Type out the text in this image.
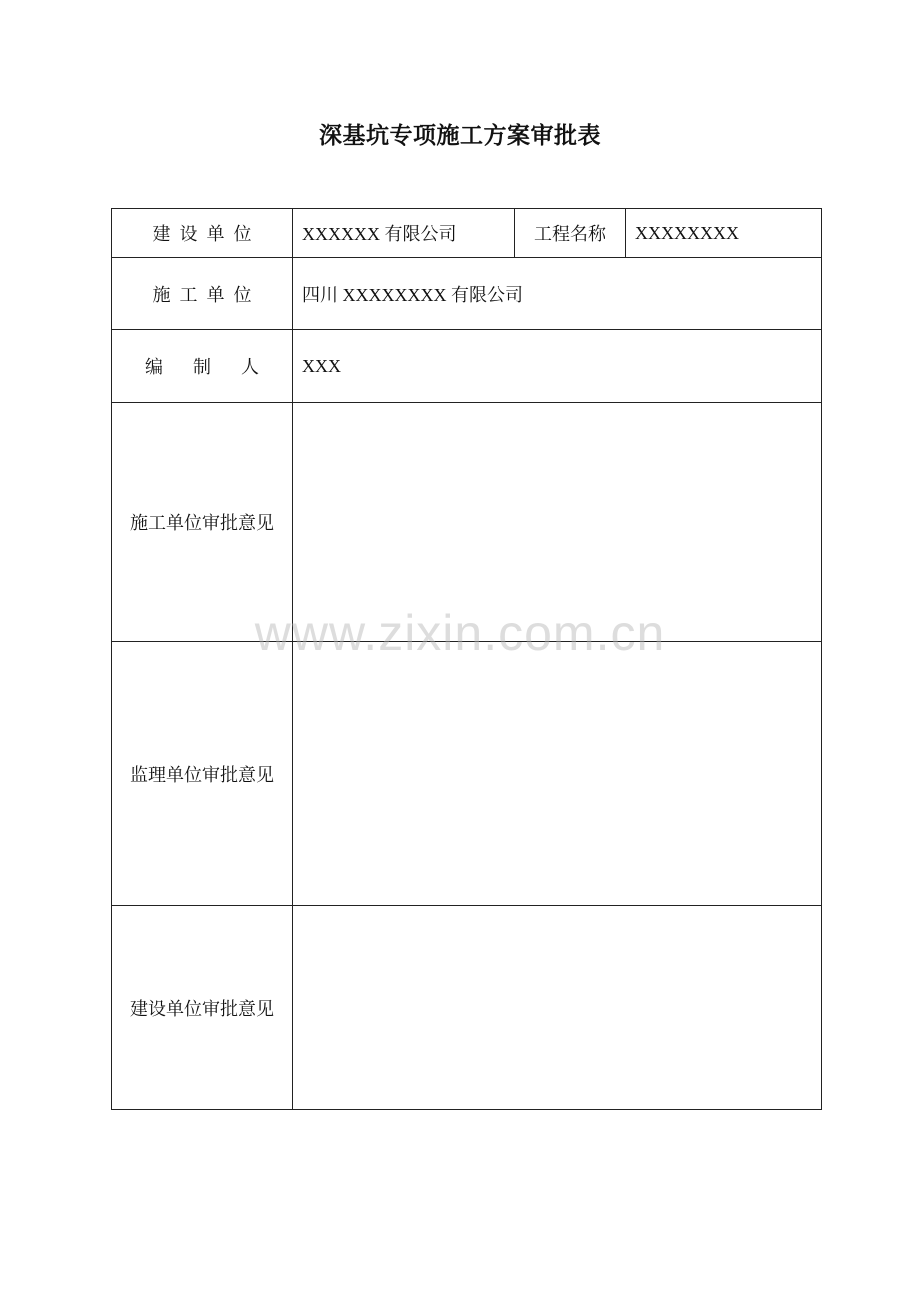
深基坑专项施工方案审批表
建设单位	XXXXXX 有限公司	工程名称	XXXXXXXX
施工单位	四川 XXXXXXXX 有限公司		
编制人	XXX		
施工单位审批意见			
监理单位审批意见			
建设单位审批意见			
www.zixin.com.cn
